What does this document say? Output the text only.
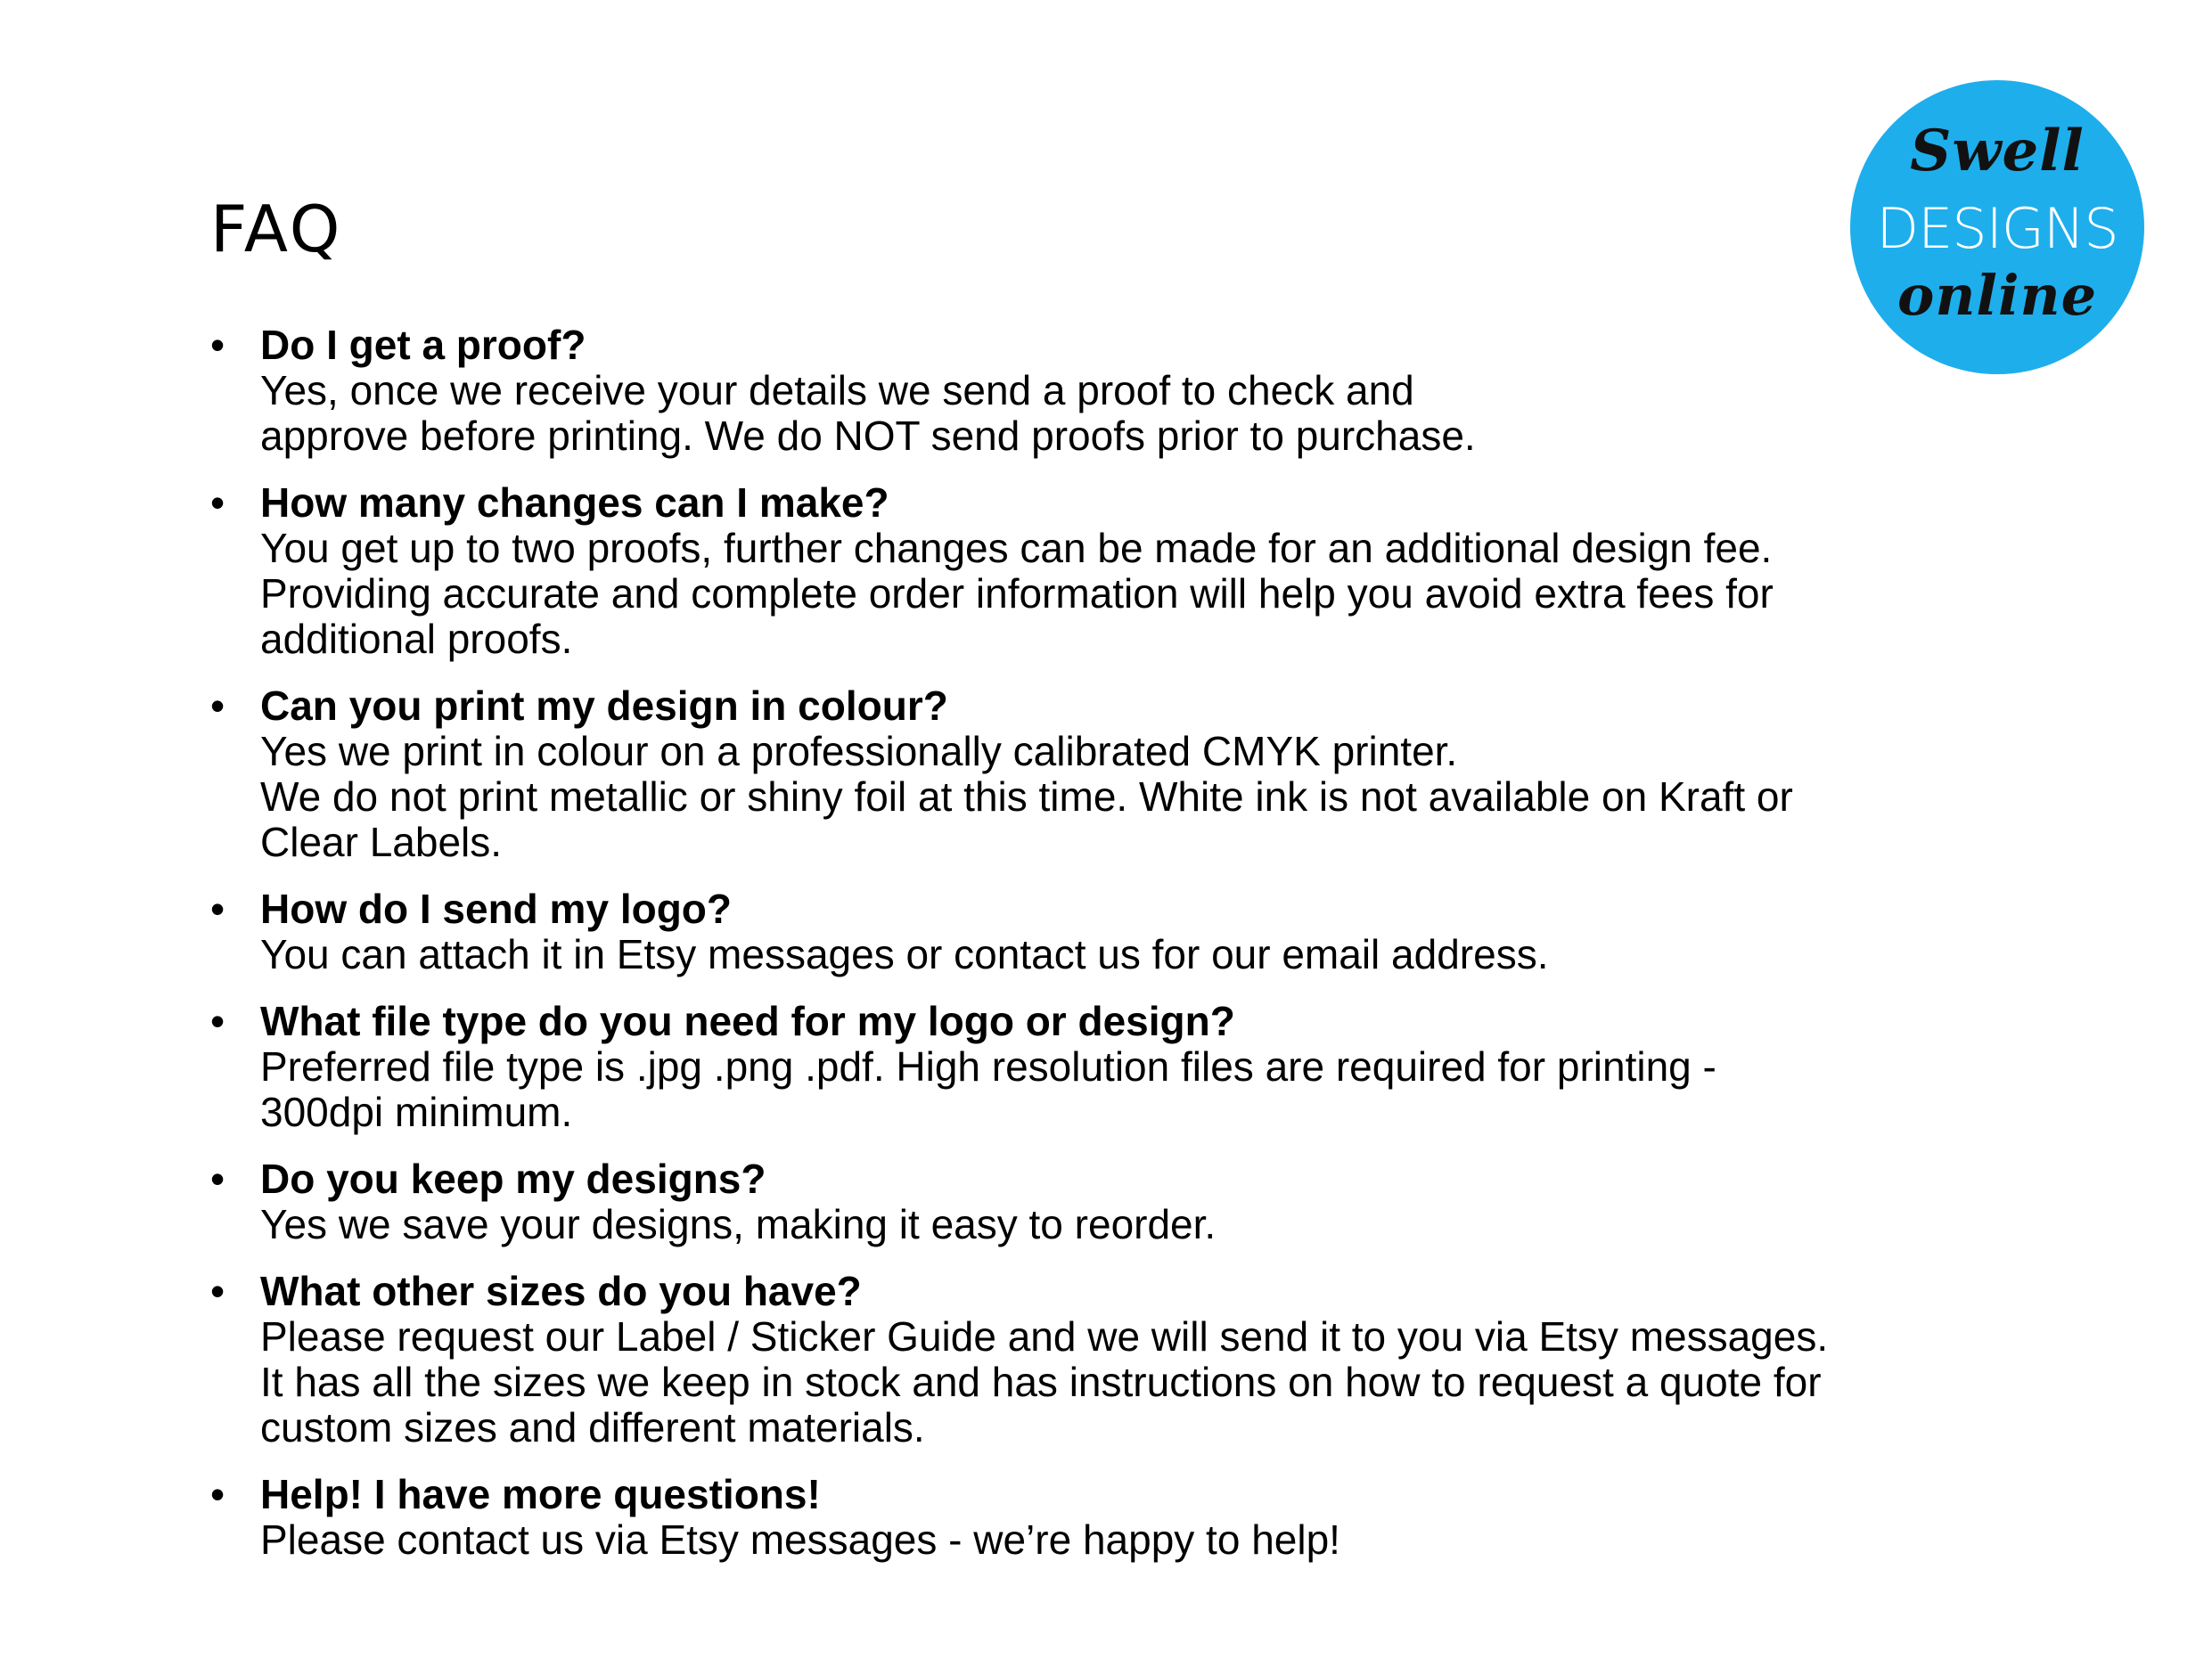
FAQ
Swell
DESIGNS
online
• Do I get a proof?
Yes, once we receive your details we send a proof to check and
approve before printing. We do NOT send proofs prior to purchase.
• How many changes can I make?
You get up to two proofs, further changes can be made for an additional design fee.
Providing accurate and complete order information will help you avoid extra fees for
additional proofs.
• Can you print my design in colour?
Yes we print in colour on a professionally calibrated CMYK printer.
We do not print metallic or shiny foil at this time. White ink is not available on Kraft or
Clear Labels.
• How do I send my logo?
You can attach it in Etsy messages or contact us for our email address.
• What file type do you need for my logo or design?
Preferred file type is .jpg .png .pdf. High resolution files are required for printing -
300dpi minimum.
• Do you keep my designs?
Yes we save your designs, making it easy to reorder.
• What other sizes do you have?
Please request our Label / Sticker Guide and we will send it to you via Etsy messages.
It has all the sizes we keep in stock and has instructions on how to request a quote for
custom sizes and different materials.
• Help! I have more questions!
Please contact us via Etsy messages - we’re happy to help!
